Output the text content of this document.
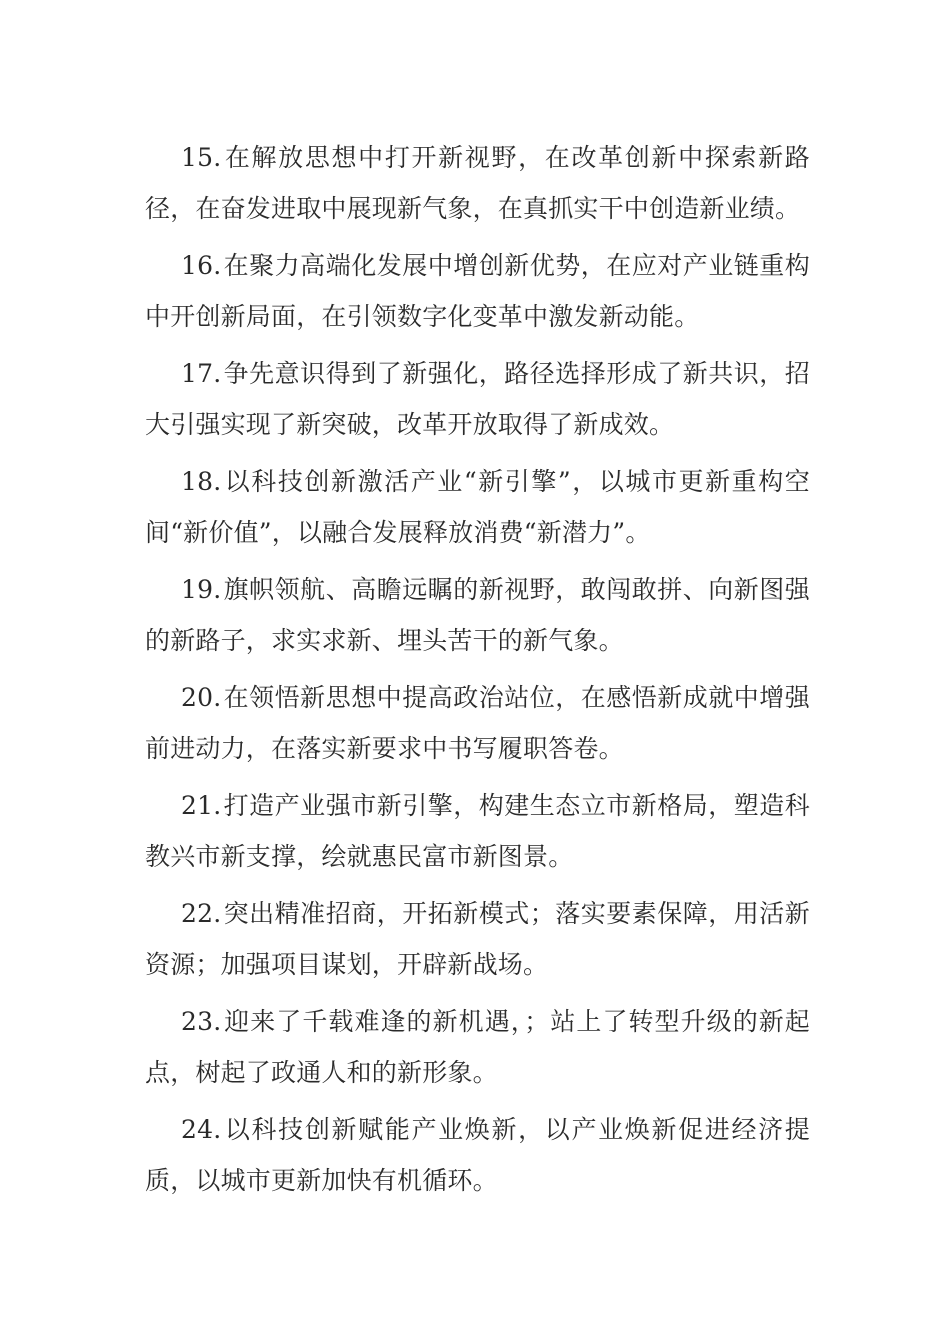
15.在解放思想中打开新视野，在改革创新中探索新路径，在奋发进取中展现新气象，在真抓实干中创造新业绩。

16.在聚力高端化发展中增创新优势，在应对产业链重构中开创新局面，在引领数字化变革中激发新动能。

17.争先意识得到了新强化，路径选择形成了新共识，招大引强实现了新突破，改革开放取得了新成效。

18.以科技创新激活产业“新引擎”，以城市更新重构空间“新价值”，以融合发展释放消费“新潜力”。

19.旗帜领航、高瞻远瞩的新视野，敢闯敢拼、向新图强的新路子，求实求新、埋头苦干的新气象。

20.在领悟新思想中提高政治站位，在感悟新成就中增强前进动力，在落实新要求中书写履职答卷。

21.打造产业强市新引擎，构建生态立市新格局，塑造科教兴市新支撑，绘就惠民富市新图景。

22.突出精准招商，开拓新模式；落实要素保障，用活新资源；加强项目谋划，开辟新战场。

23.迎来了千载难逢的新机遇，；站上了转型升级的新起点，树起了政通人和的新形象。

24.以科技创新赋能产业焕新，以产业焕新促进经济提质，以城市更新加快有机循环。
